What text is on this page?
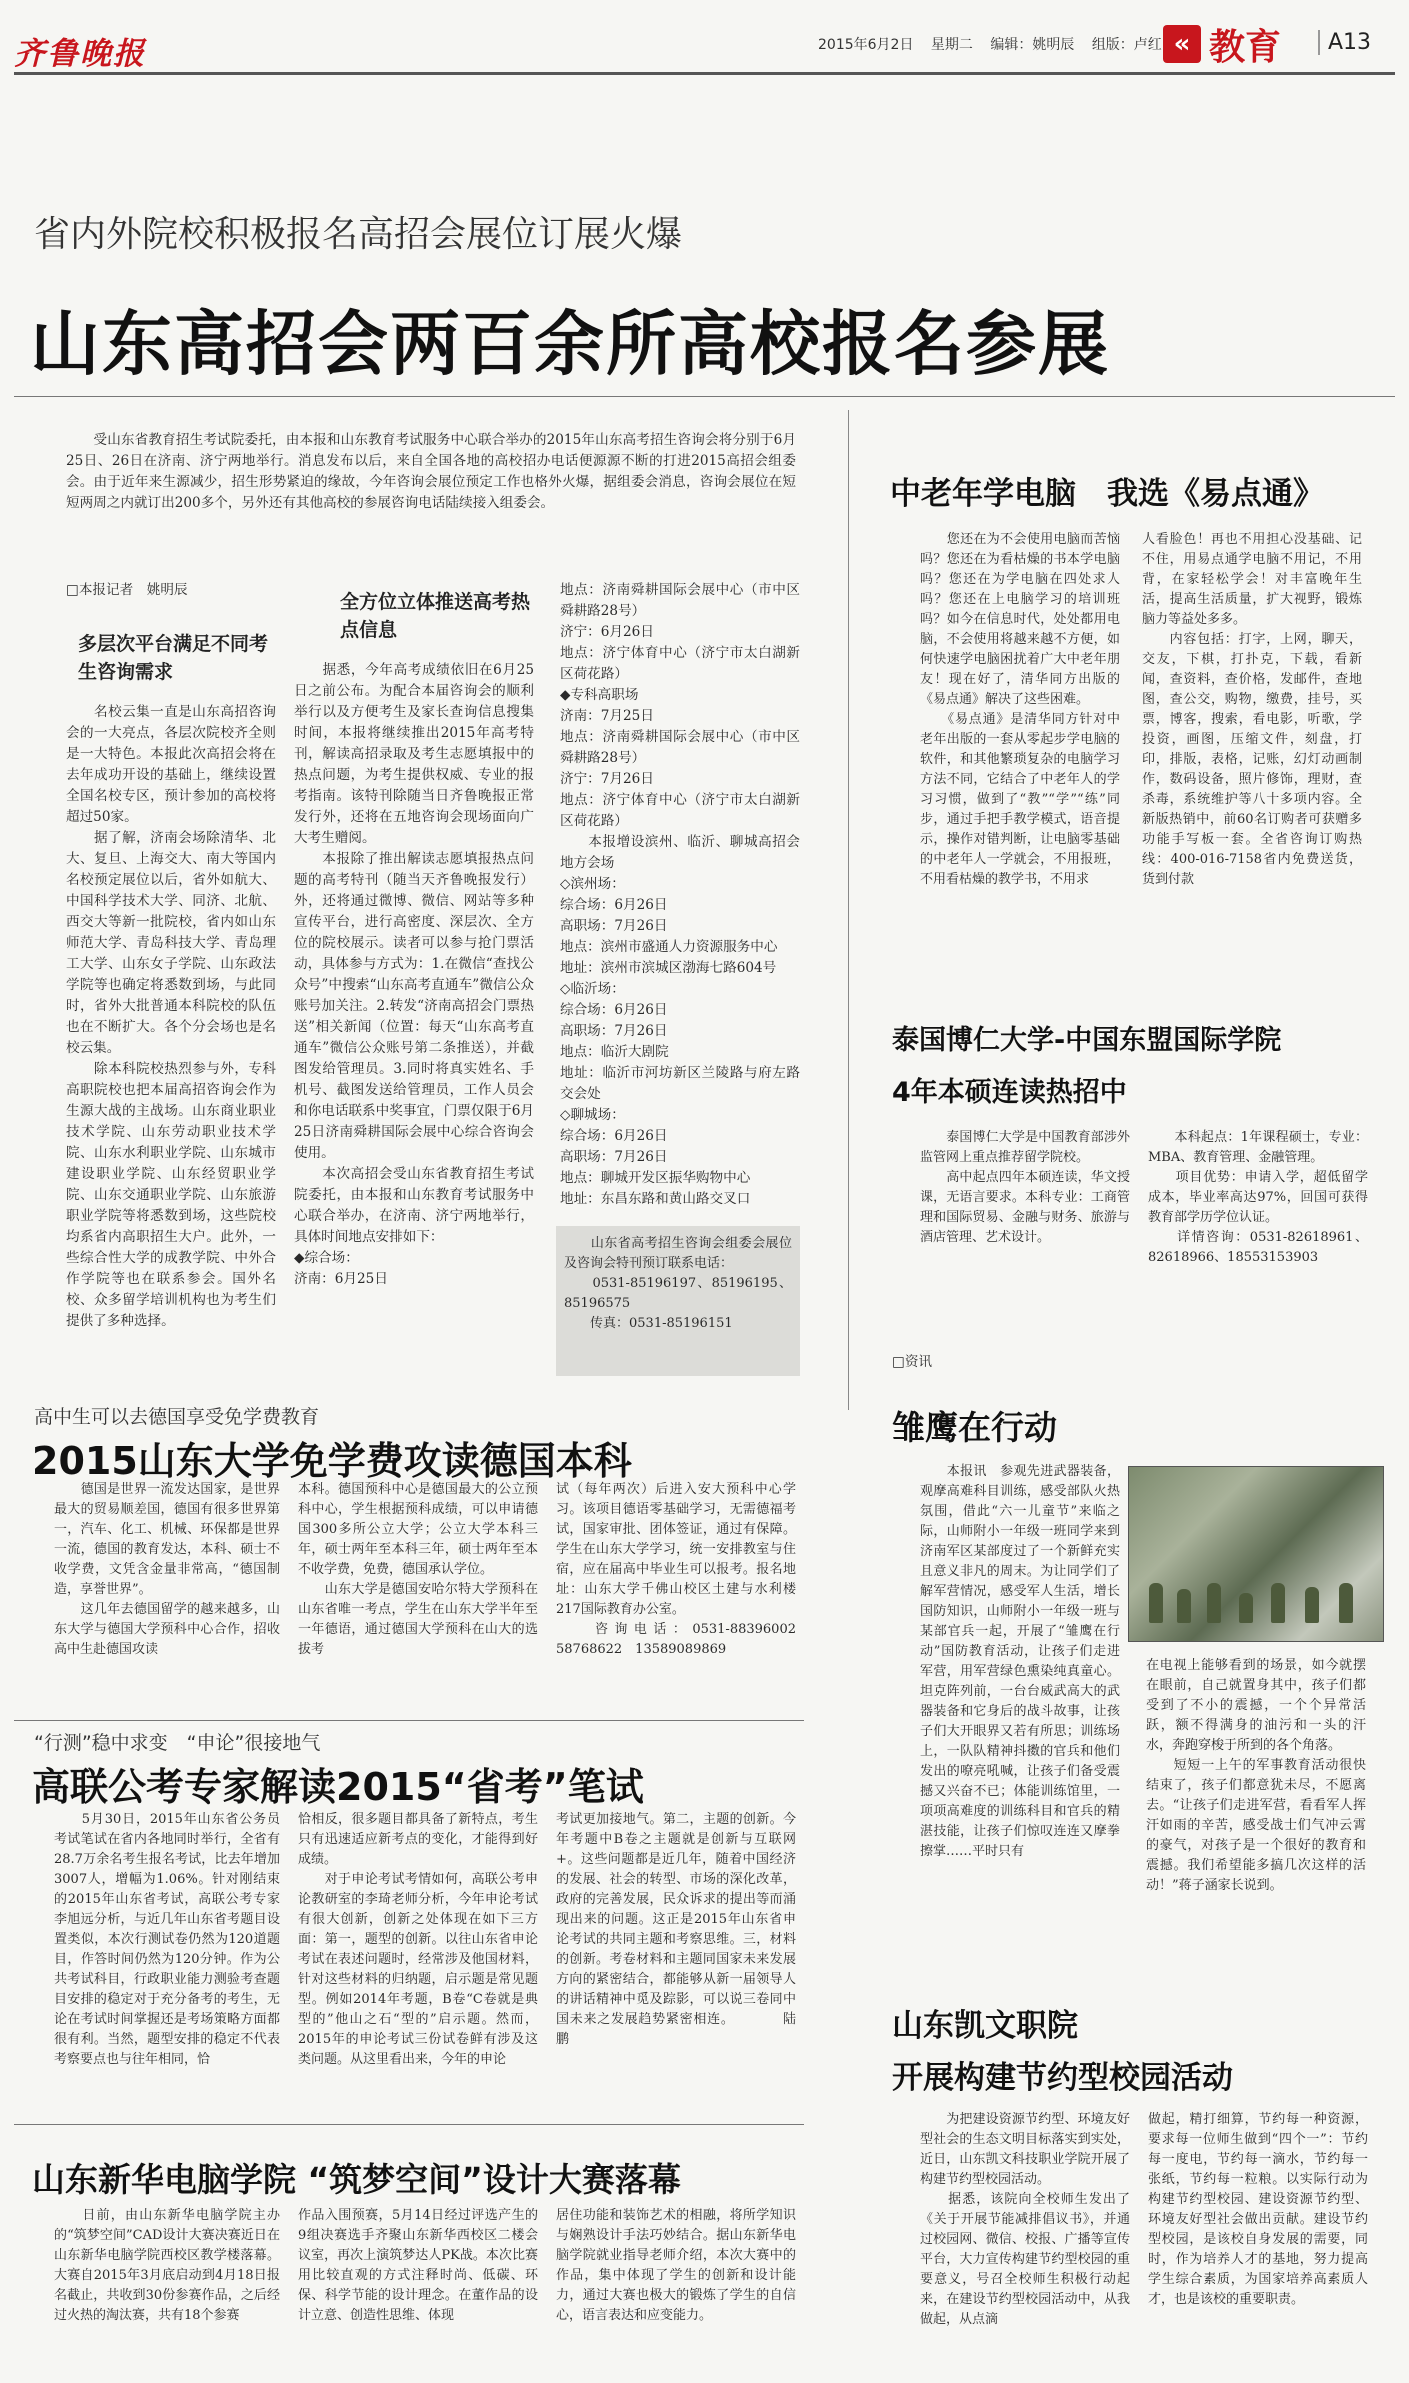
齐鲁晚报	2015年6月2日 星期二 编辑：姚明辰 组版：卢红 « 教育	A13
省内外院校积极报名高招会展位订展火爆
山东高招会两百余所高校报名参展
　　受山东省教育招生考试院委托，由本报和山东教育考试服务中心联合举办的2015年山东高考招生咨询会将分别于6月25日、26日在济南、济宁两地举行。消息发布以后，来自全国各地的高校招办电话便源源不断的打进2015高招会组委会。由于近年来生源减少，招生形势紧迫的缘故，今年咨询会展位预定工作也格外火爆，据组委会消息，咨询会展位在短短两周之内就订出200多个，另外还有其他高校的参展咨询电话陆续接入组委会。
□本报记者　姚明辰
多层次平台满足不同考生咨询需求
　　名校云集一直是山东高招咨询会的一大亮点，各层次院校齐全则是一大特色。本报此次高招会将在去年成功开设的基础上，继续设置全国名校专区，预计参加的高校将超过50家。
　　据了解，济南会场除清华、北大、复旦、上海交大、南大等国内名校预定展位以后，省外如航大、中国科学技术大学、同济、北航、西交大等新一批院校，省内如山东师范大学、青岛科技大学、青岛理工大学、山东女子学院、山东政法学院等也确定将悉数到场，与此同时，省外大批普通本科院校的队伍也在不断扩大。各个分会场也是名校云集。
　　除本科院校热烈参与外，专科高职院校也把本届高招咨询会作为生源大战的主战场。山东商业职业技术学院、山东劳动职业技术学院、山东水利职业学院、山东城市建设职业学院、山东经贸职业学院、山东交通职业学院、山东旅游职业学院等将悉数到场，这些院校均系省内高职招生大户。此外，一些综合性大学的成教学院、中外合作学院等也在联系参会。国外名校、众多留学培训机构也为考生们提供了多种选择。
全方位立体推送高考热点信息
　　据悉，今年高考成绩依旧在6月25日之前公布。为配合本届咨询会的顺利举行以及方便考生及家长查询信息搜集时间，本报将继续推出2015年高考特刊，解读高招录取及考生志愿填报中的热点问题，为考生提供权威、专业的报考指南。该特刊除随当日齐鲁晚报正常发行外，还将在五地咨询会现场面向广大考生赠阅。
　　本报除了推出解读志愿填报热点问题的高考特刊（随当天齐鲁晚报发行）外，还将通过微博、微信、网站等多种宣传平台，进行高密度、深层次、全方位的院校展示。读者可以参与抢门票活动，具体参与方式为：1.在微信“查找公众号”中搜索“山东高考直通车”微信公众账号加关注。2.转发“济南高招会门票热送”相关新闻（位置：每天“山东高考直通车”微信公众账号第二条推送），并截图发给管理员。3.同时将真实姓名、手机号、截图发送给管理员，工作人员会和你电话联系中奖事宜，门票仅限于6月25日济南舜耕国际会展中心综合咨询会使用。
　　本次高招会受山东省教育招生考试院委托，由本报和山东教育考试服务中心联合举办，在济南、济宁两地举行，具体时间地点安排如下：
◆综合场：
济南：6月25日
地点：济南舜耕国际会展中心（市中区舜耕路28号）
济宁：6月26日
地点：济宁体育中心（济宁市太白湖新区荷花路）
◆专科高职场
济南：7月25日
地点：济南舜耕国际会展中心（市中区舜耕路28号）
济宁：7月26日
地点：济宁体育中心（济宁市太白湖新区荷花路）
　　本报增设滨州、临沂、聊城高招会地方会场
◇滨州场：
综合场：6月26日
高职场：7月26日
地点：滨州市盛通人力资源服务中心
地址：滨州市滨城区渤海七路604号
◇临沂场：
综合场：6月26日
高职场：7月26日
地点：临沂大剧院
地址：临沂市河坊新区兰陵路与府左路交会处
◇聊城场：
综合场：6月26日
高职场：7月26日
地点：聊城开发区振华购物中心
地址：东昌东路和黄山路交叉口
　　山东省高考招生咨询会组委会展位及咨询会特刊预订联系电话：
　　0531-85196197、85196195、85196575
　　传真：0531-85196151
高中生可以去德国享受免学费教育
2015山东大学免学费攻读德国本科
　　德国是世界一流发达国家，是世界最大的贸易顺差国，德国有很多世界第一，汽车、化工、机械、环保都是世界一流，德国的教育发达，本科、硕士不收学费，文凭含金量非常高，“德国制造，享誉世界”。
　　这几年去德国留学的越来越多，山东大学与德国大学预科中心合作，招收高中生赴德国攻读
本科。德国预科中心是德国最大的公立预科中心，学生根据预科成绩，可以申请德国300多所公立大学；公立大学本科三年，硕士两年至本科三年，硕士两年至本不收学费，免费，德国承认学位。
　　山东大学是德国安哈尔特大学预科在山东省唯一考点，学生在山东大学半年至一年德语，通过德国大学预科在山大的选拔考
试（每年两次）后进入安大预科中心学习。该项目德语零基础学习，无需德福考试，国家审批、团体签证，通过有保障。学生在山东大学学习，统一安排教室与住宿，应在届高中毕业生可以报考。报名地址：山东大学千佛山校区土建与水利楼217国际教育办公室。
　　咨询电话：0531-88396002　58768622　13589089869
“行测”稳中求变　“申论”很接地气
高联公考专家解读2015“省考”笔试
　　5月30日，2015年山东省公务员考试笔试在省内各地同时举行，全省有28.7万余名考生报名考试，比去年增加3007人，增幅为1.06%。针对刚结束的2015年山东省考试，高联公考专家李旭远分析，与近几年山东省考题目设置类似，本次行测试卷仍然为120道题目，作答时间仍然为120分钟。作为公共考试科目，行政职业能力测验考查题目安排的稳定对于充分备考的考生，无论在考试时间掌握还是考场策略方面都很有利。当然，题型安排的稳定不代表考察要点也与往年相同，恰
恰相反，很多题目都具备了新特点，考生只有迅速适应新考点的变化，才能得到好成绩。
　　对于申论考试考情如何，高联公考申论教研室的李琦老师分析，今年申论考试有很大创新，创新之处体现在如下三方面：第一，题型的创新。以往山东省申论考试在表述问题时，经常涉及他国材料，针对这些材料的归纳题，启示题是常见题型。例如2014年考题，B卷“C卷就是典型的”他山之石“型的”启示题。然而，2015年的申论考试三份试卷鲜有涉及这类问题。从这里看出来，今年的申论
考试更加接地气。第二，主题的创新。今年考题中B卷之主题就是创新与互联网+。这些问题都是近几年，随着中国经济的发展、社会的转型、市场的深化改革，政府的完善发展，民众诉求的提出等而涌现出来的问题。这正是2015年山东省申论考试的共同主题和考察思维。三，材料的创新。考卷材料和主题同国家未来发展方向的紧密结合，都能够从新一届领导人的讲话精神中觅及踪影，可以说三卷同中国未来之发展趋势紧密相连。　　　　陆鹏
山东新华电脑学院 “筑梦空间”设计大赛落幕
　　日前，由山东新华电脑学院主办的“筑梦空间”CAD设计大赛决赛近日在山东新华电脑学院西校区教学楼落幕。大赛自2015年3月底启动到4月18日报名截止，共收到30份参赛作品，之后经过火热的淘汰赛，共有18个参赛
作品入围预赛，5月14日经过评选产生的9组决赛选手齐聚山东新华西校区二楼会议室，再次上演筑梦达人PK战。本次比赛用比较直观的方式注释时尚、低碳、环保、科学节能的设计理念。在董作品的设计立意、创造性思维、体现
居住功能和装饰艺术的相融，将所学知识与娴熟设计手法巧妙结合。据山东新华电脑学院就业指导老师介绍，本次大赛中的作品，集中体现了学生的创新和设计能力，通过大赛也极大的锻炼了学生的自信心，语言表达和应变能力。
中老年学电脑　我选《易点通》
　　您还在为不会使用电脑而苦恼吗？您还在为看枯燥的书本学电脑吗？您还在为学电脑在四处求人吗？您还在上电脑学习的培训班吗？如今在信息时代，处处都用电脑，不会使用将越来越不方便，如何快速学电脑困扰着广大中老年朋友！现在好了，清华同方出版的《易点通》解决了这些困难。
　　《易点通》是清华同方针对中老年出版的一套从零起步学电脑的软件，和其他繁琐复杂的电脑学习方法不同，它结合了中老年人的学习习惯，做到了“教”“学”“练”同步，通过手把手教学模式，语音提示，操作对错判断，让电脑零基础的中老年人一学就会，不用报班，不用看枯燥的教学书，不用求
人看脸色！再也不用担心没基础、记不住，用易点通学电脑不用记，不用背，在家轻松学会！对丰富晚年生活，提高生活质量，扩大视野，锻炼脑力等益处多多。
　　内容包括：打字，上网，聊天，交友，下棋，打扑克，下载，看新闻，查资料，查价格，发邮件，查地图，查公交，购物，缴费，挂号，买票，博客，搜索，看电影，听歌，学投资，画图，压缩文件，刻盘，打印，排版，表格，记账，幻灯动画制作，数码设备，照片修饰，理财，查杀毒，系统维护等八十多项内容。全新版热销中，前60名订购者可获赠多功能手写板一套。全省咨询订购热线：400-016-7158省内免费送货，货到付款
泰国博仁大学-中国东盟国际学院
4年本硕连读热招中
　　泰国博仁大学是中国教育部涉外监管网上重点推荐留学院校。
　　高中起点四年本硕连读，华文授课，无语言要求。本科专业：工商管理和国际贸易、金融与财务、旅游与酒店管理、艺术设计。
　　本科起点：1年课程硕士，专业：MBA、教育管理、金融管理。
　　项目优势：申请入学，超低留学成本，毕业率高达97%，回国可获得教育部学历学位认证。
　　详情咨询：0531-82618961、82618966、18553153903
□资讯
雏鹰在行动
　　本报讯　参观先进武器装备，观摩高难科目训练，感受部队火热氛围，借此“六一儿童节”来临之际，山师附小一年级一班同学来到济南军区某部度过了一个新鲜充实且意义非凡的周末。为让同学们了解军营情况，感受军人生活，增长国防知识，山师附小一年级一班与某部官兵一起，开展了“雏鹰在行动”国防教育活动，让孩子们走进军营，用军营绿色熏染纯真童心。坦克阵列前，一台台威武高大的武器装备和它身后的战斗故事，让孩子们大开眼界又若有所思；训练场上，一队队精神抖擞的官兵和他们发出的嘹亮吼喊，让孩子们备受震撼又兴奋不已；体能训练馆里，一项项高难度的训练科目和官兵的精湛技能，让孩子们惊叹连连又摩拳擦掌……平时只有
在电视上能够看到的场景，如今就摆在眼前，自己就置身其中，孩子们都受到了不小的震撼，一个个异常活跃，额不得满身的油污和一头的汗水，奔跑穿梭于所到的各个角落。
　　短短一上午的军事教育活动很快结束了，孩子们都意犹未尽，不愿离去。“让孩子们走进军营，看看军人挥汗如雨的辛苦，感受战士们气冲云霄的豪气，对孩子是一个很好的教育和震撼。我们希望能多搞几次这样的活动！”蒋子涵家长说到。
山东凯文职院
开展构建节约型校园活动
　　为把建设资源节约型、环境友好型社会的生态文明目标落实到实处，近日，山东凯文科技职业学院开展了构建节约型校园活动。
　　据悉，该院向全校师生发出了《关于开展节能减排倡议书》，并通过校园网、微信、校报、广播等宣传平台，大力宣传构建节约型校园的重要意义，号召全校师生积极行动起来，在建设节约型校园活动中，从我做起，从点滴
做起，精打细算，节约每一种资源，要求每一位师生做到“四个一”：节约每一度电，节约每一滴水，节约每一张纸，节约每一粒粮。以实际行动为构建节约型校园、建设资源节约型、环境友好型社会做出贡献。建设节约型校园，是该校自身发展的需要，同时，作为培养人才的基地，努力提高学生综合素质，为国家培养高素质人才，也是该校的重要职责。
